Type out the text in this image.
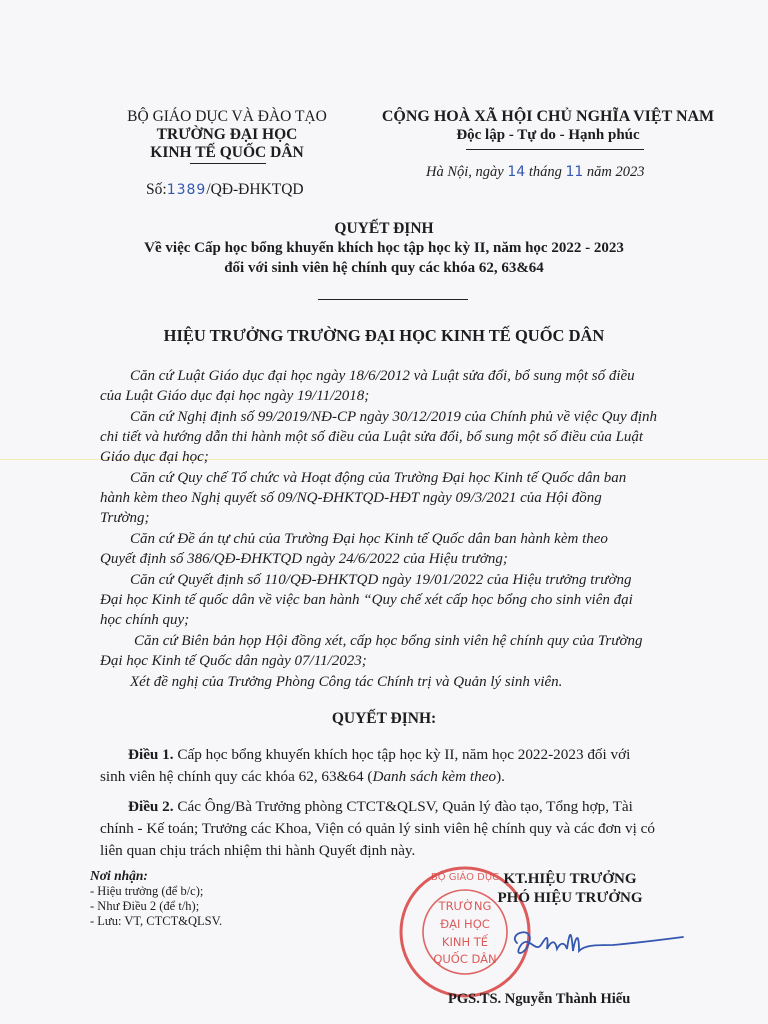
BỘ GIÁO DỤC VÀ ĐÀO TẠO
TRƯỜNG ĐẠI HỌC
KINH TẾ QUỐC DÂN
Số:1389/QĐ-ĐHKTQD
CỘNG HOÀ XÃ HỘI CHỦ NGHĨA VIỆT NAM
Độc lập - Tự do - Hạnh phúc
Hà Nội, ngày 14 tháng 11 năm 2023
QUYẾT ĐỊNH
Về việc Cấp học bổng khuyến khích học tập học kỳ II, năm học 2022 - 2023
đối với sinh viên hệ chính quy các khóa 62, 63&64
HIỆU TRƯỞNG TRƯỜNG ĐẠI HỌC KINH TẾ QUỐC DÂN
Căn cứ Luật Giáo dục đại học ngày 18/6/2012 và Luật sửa đổi, bổ sung một số điều
của Luật Giáo dục đại học ngày 19/11/2018;
Căn cứ Nghị định số 99/2019/NĐ-CP ngày 30/12/2019 của Chính phủ về việc Quy định
chi tiết và hướng dẫn thi hành một số điều của Luật sửa đổi, bổ sung một số điều của Luật
Giáo dục đại học;
Căn cứ Quy chế Tổ chức và Hoạt động của Trường Đại học Kinh tế Quốc dân ban
hành kèm theo Nghị quyết số 09/NQ-ĐHKTQD-HĐT ngày 09/3/2021 của Hội đồng
Trường;
Căn cứ Đề án tự chủ của Trường Đại học Kinh tế Quốc dân ban hành kèm theo
Quyết định số 386/QĐ-ĐHKTQD ngày 24/6/2022 của Hiệu trưởng;
Căn cứ Quyết định số 110/QĐ-ĐHKTQD ngày 19/01/2022 của Hiệu trưởng trường
Đại học Kinh tế quốc dân về việc ban hành “Quy chế xét cấp học bổng cho sinh viên đại
học chính quy;
Căn cứ Biên bản họp Hội đồng xét, cấp học bổng sinh viên hệ chính quy của Trường
Đại học Kinh tế Quốc dân ngày 07/11/2023;
Xét đề nghị của Trưởng Phòng Công tác Chính trị và Quản lý sinh viên.
QUYẾT ĐỊNH:
Điều 1. Cấp học bổng khuyến khích học tập học kỳ II, năm học 2022-2023 đối với
sinh viên hệ chính quy các khóa 62, 63&64 (Danh sách kèm theo).
Điều 2. Các Ông/Bà Trưởng phòng CTCT&QLSV, Quản lý đào tạo, Tổng hợp, Tài
chính - Kế toán; Trưởng các Khoa, Viện có quản lý sinh viên hệ chính quy và các đơn vị có
liên quan chịu trách nhiệm thi hành Quyết định này.
Nơi nhận:
- Hiệu trưởng (để b/c);
- Như Điều 2 (để t/h);
- Lưu: VT, CTCT&QLSV.
BỘ GIÁO DỤC
TRƯỜNG
ĐẠI HỌC
KINH TẾ
QUỐC DÂN
KT.HIỆU TRƯỞNG
PHÓ HIỆU TRƯỞNG
PGS.TS. Nguyễn Thành Hiếu
